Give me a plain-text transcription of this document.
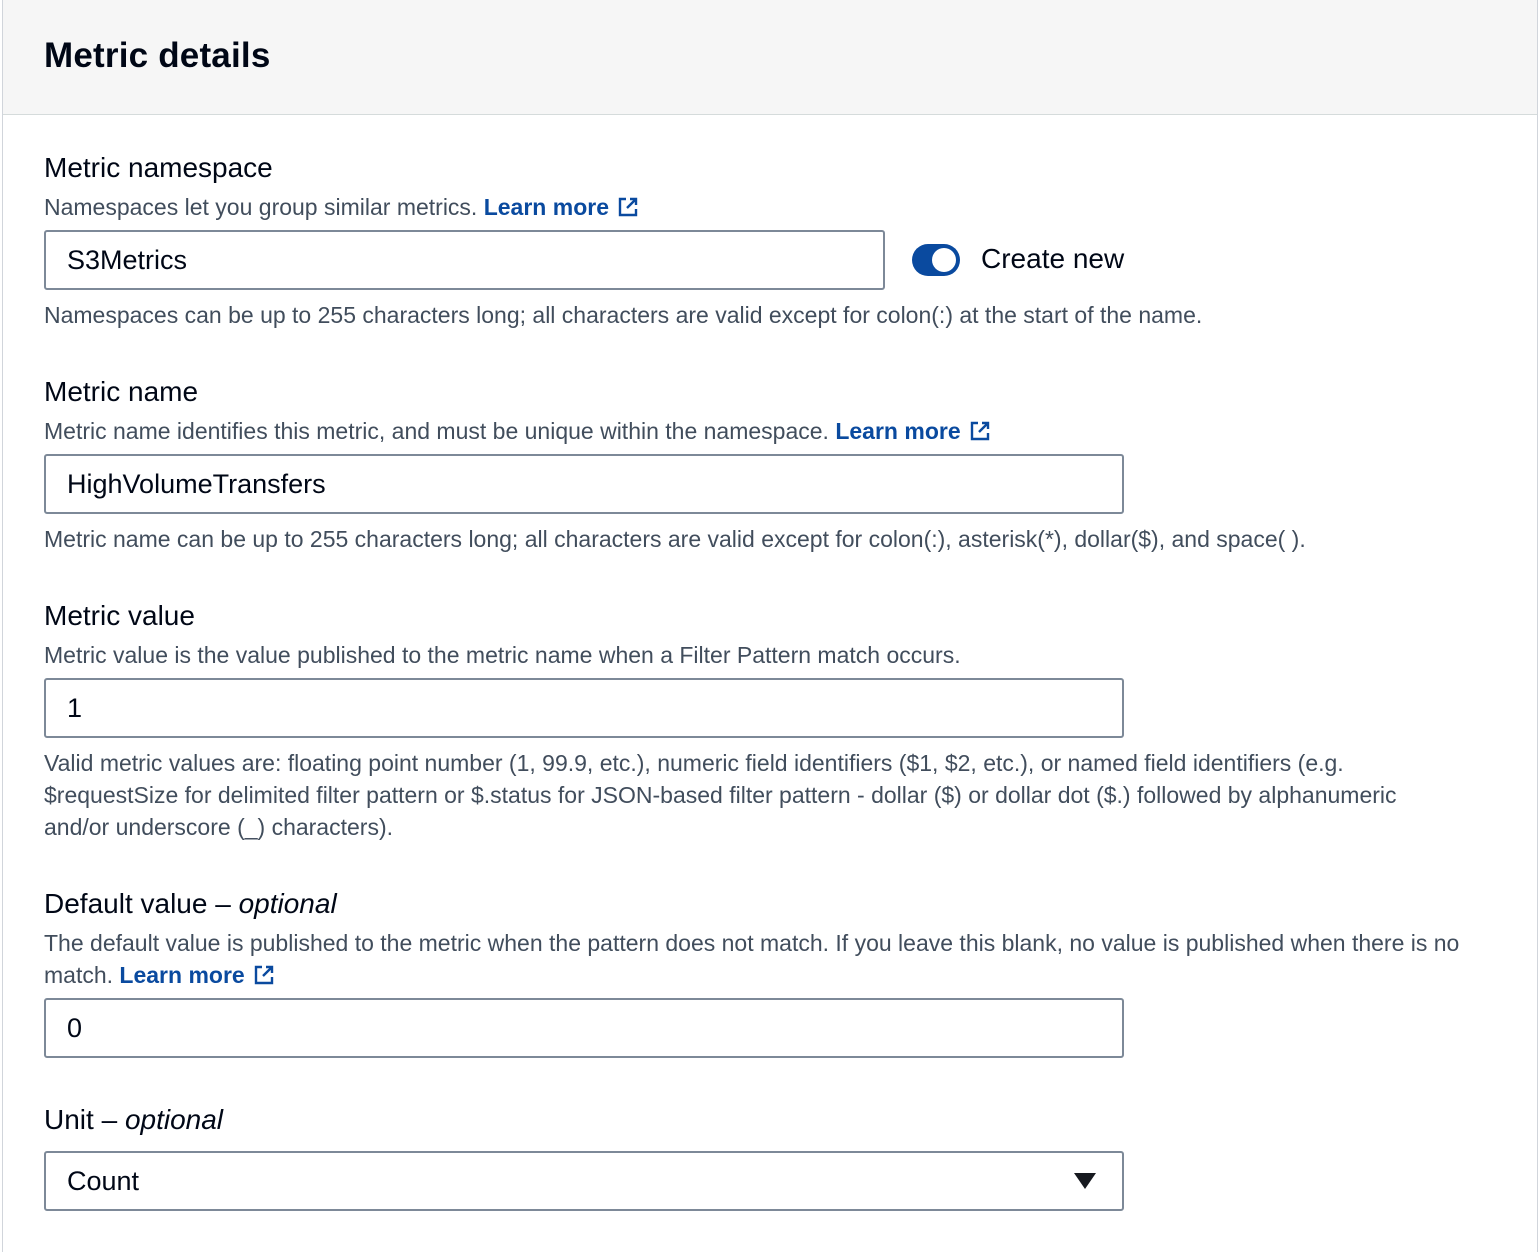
Metric details
Metric namespace
Namespaces let you group similar metrics. Learn more
S3Metrics	Create new
Namespaces can be up to 255 characters long; all characters are valid except for colon(:) at the start of the name.
Metric name
Metric name identifies this metric, and must be unique within the namespace. Learn more
HighVolumeTransfers
Metric name can be up to 255 characters long; all characters are valid except for colon(:), asterisk(*), dollar($), and space( ).
Metric value
Metric value is the value published to the metric name when a Filter Pattern match occurs.
1
Valid metric values are: floating point number (1, 99.9, etc.), numeric field identifiers ($1, $2, etc.), or named field identifiers (e.g. $requestSize for delimited filter pattern or $.status for JSON-based filter pattern - dollar ($) or dollar dot ($.) followed by alphanumeric and/or underscore (_) characters).
Default value – optional
The default value is published to the metric when the pattern does not match. If you leave this blank, no value is published when there is no match. Learn more
0
Unit – optional
Count
